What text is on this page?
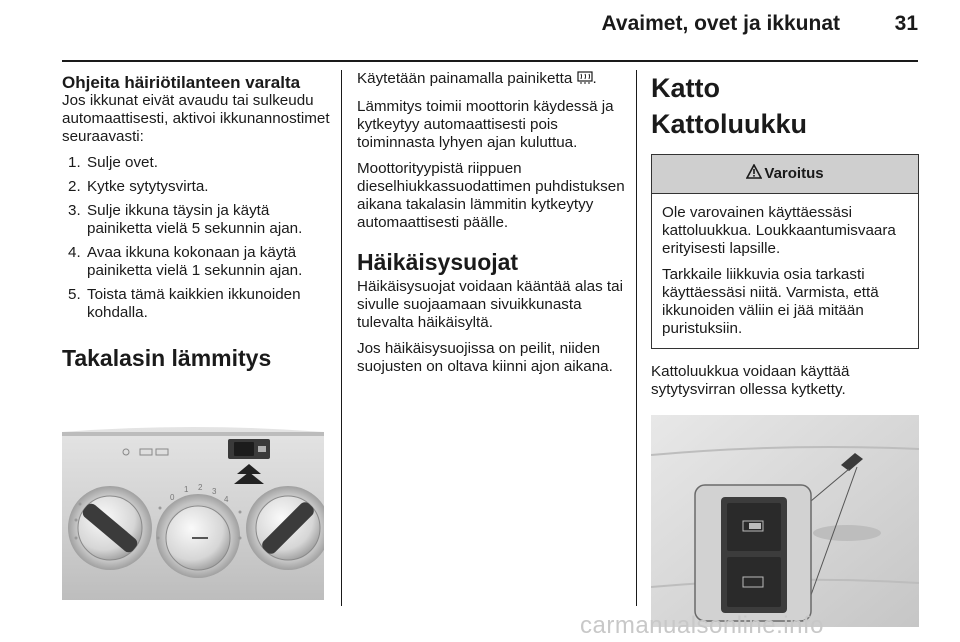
Avaimet, ovet ja ikkunat	31
Ohjeita häiriötilanteen varalta

Jos ikkunat eivät avaudu tai sulkeudu automaattisesti, aktivoi ikkunannostimet seuraavasti:

1. Sulje ovet.
2. Kytke sytytysvirta.
3. Sulje ikkuna täysin ja käytä painiketta vielä 5 sekunnin ajan.
4. Avaa ikkuna kokonaan ja käytä painiketta vielä 1 sekunnin ajan.
5. Toista tämä kaikkien ikkunoiden kohdalla.
Takalasin lämmitys
0
1 2 3
4

Käytetään painamalla painiketta .

Lämmitys toimii moottorin käydessä ja kytkeytyy automaattisesti pois toiminnasta lyhyen ajan kuluttua.

Moottorityypistä riippuen dieselhiukkassuodattimen puhdistuksen aikana takalasin lämmitin kytkeytyy automaattisesti päälle.

Häikäisysuojat

Häikäisysuojat voidaan kääntää alas tai sivulle suojaamaan sivuikkunasta tulevalta häikäisyltä.

Jos häikäisysuojissa on peilit, niiden suojusten on oltava kiinni ajon aikana.

Katto
Kattoluukku
Varoitus

Ole varovainen käyttäessäsi kattoluukkua. Loukkaantumisvaara erityisesti lapsille.

Tarkkaile liikkuvia osia tarkasti käyttäessäsi niitä. Varmista, että ikkunoiden väliin ei jää mitään puristuksiin.

Kattoluukkua voidaan käyttää sytytysvirran ollessa kytketty.

carmanualsonline.info
